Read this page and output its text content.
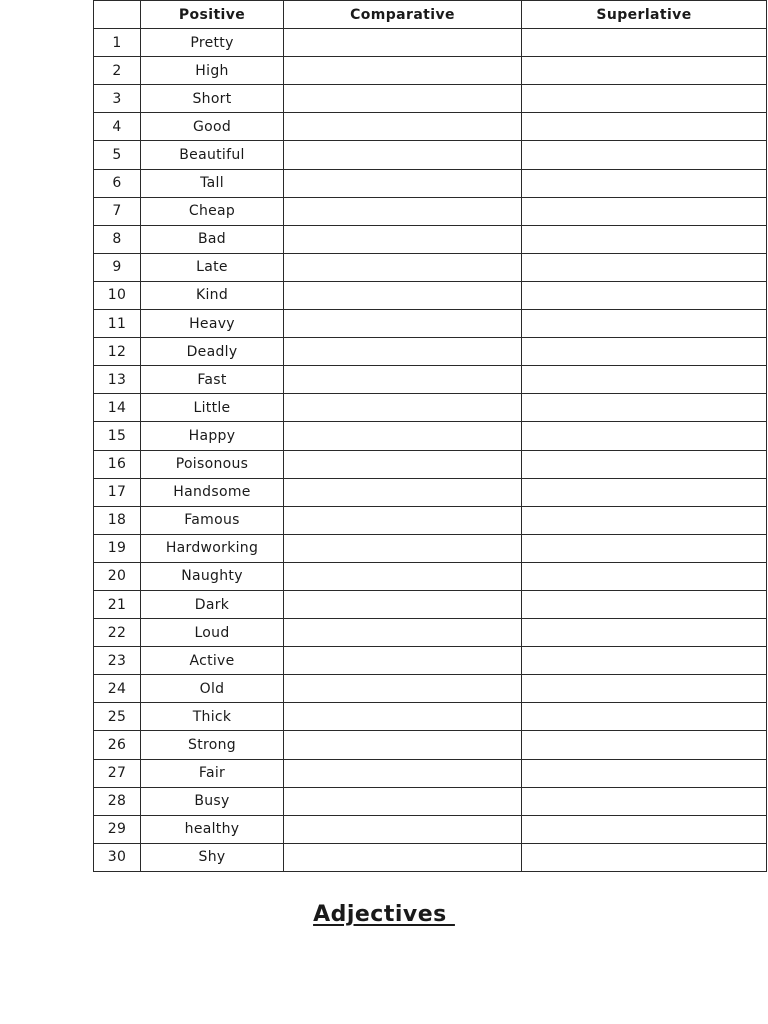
	Positive	Comparative	Superlative
1	Pretty		
2	High		
3	Short		
4	Good		
5	Beautiful		
6	Tall		
7	Cheap		
8	Bad		
9	Late		
10	Kind		
11	Heavy		
12	Deadly		
13	Fast		
14	Little		
15	Happy		
16	Poisonous		
17	Handsome		
18	Famous		
19	Hardworking		
20	Naughty		
21	Dark		
22	Loud		
23	Active		
24	Old		
25	Thick		
26	Strong		
27	Fair		
28	Busy		
29	healthy		
30	Shy		
Adjectives
